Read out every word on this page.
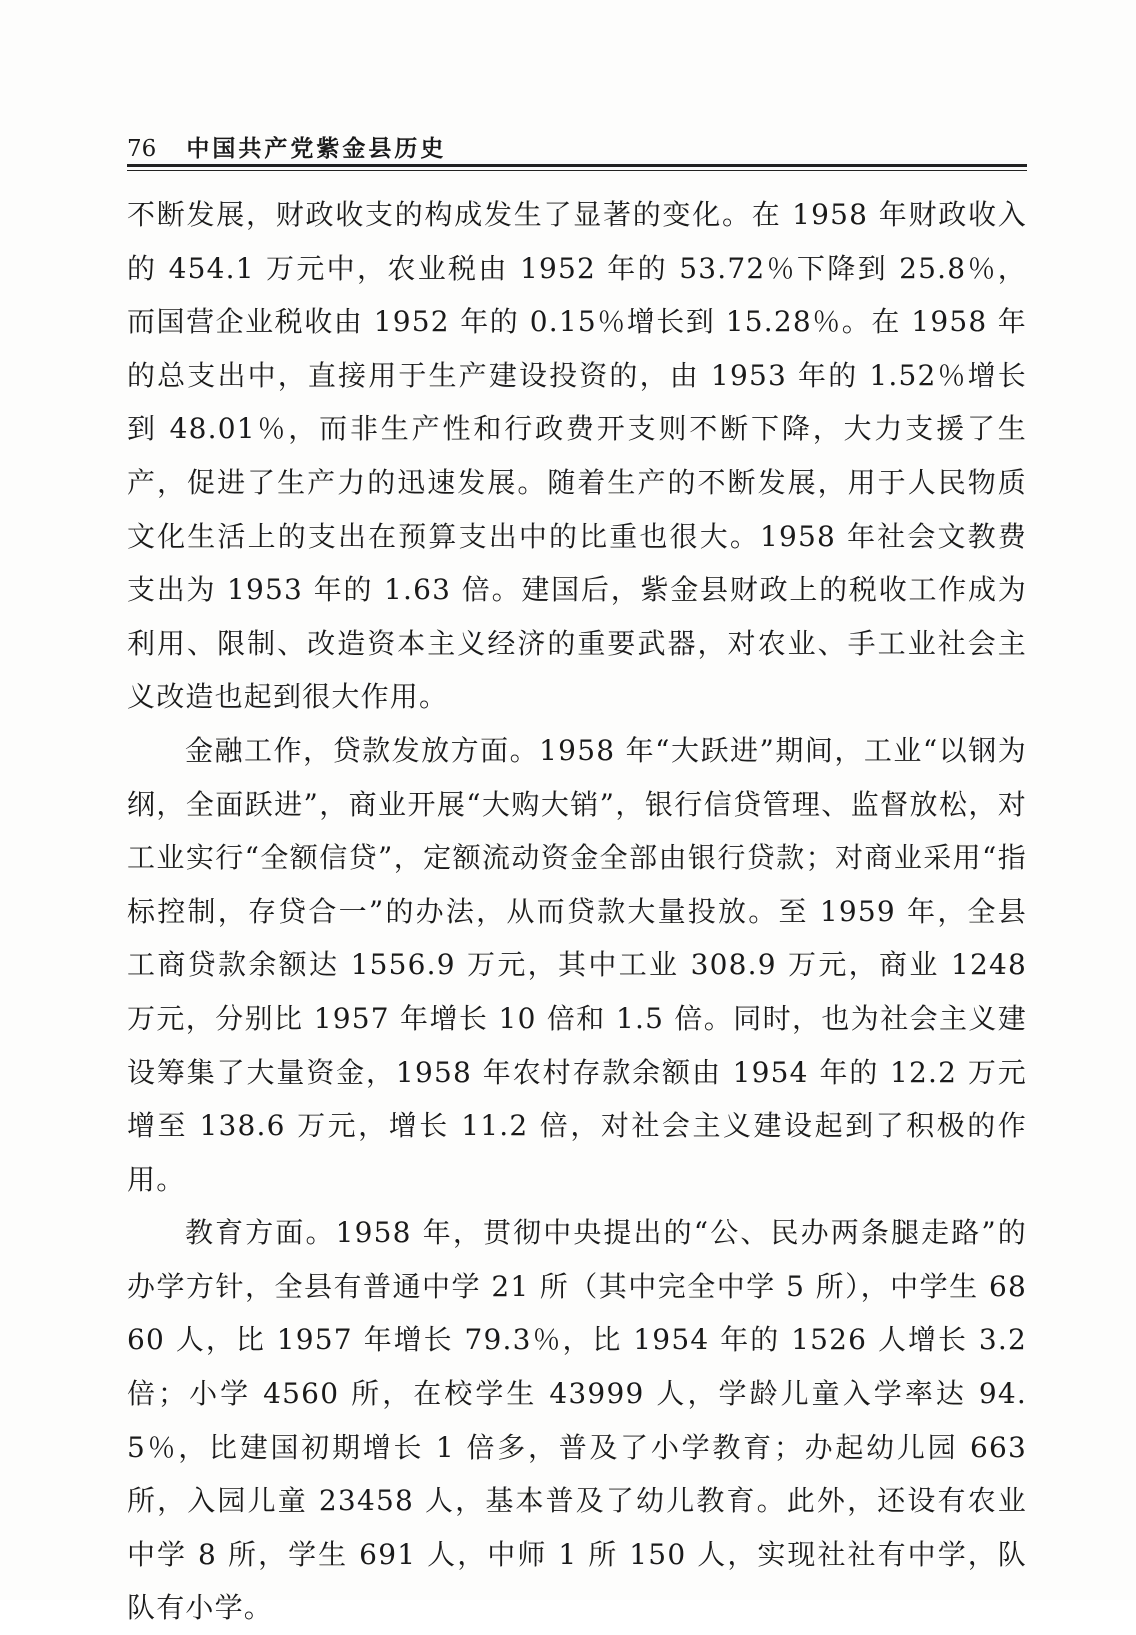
76 中国共产党紫金县历史

不断发展，财政收支的构成发生了显著的变化。在 1958 年财政收入的 454.1 万元中，农业税由 1952 年的 53.72％下降到 25.8％，而国营企业税收由 1952 年的 0.15％增长到 15.28％。在 1958 年的总支出中，直接用于生产建设投资的，由 1953 年的 1.52％增长到 48.01％，而非生产性和行政费开支则不断下降，大力支援了生产，促进了生产力的迅速发展。随着生产的不断发展，用于人民物质文化生活上的支出在预算支出中的比重也很大。1958 年社会文教费支出为 1953 年的 1.63 倍。建国后，紫金县财政上的税收工作成为利用、限制、改造资本主义经济的重要武器，对农业、手工业社会主义改造也起到很大作用。

金融工作，贷款发放方面。1958 年“大跃进”期间，工业“以钢为纲，全面跃进”，商业开展“大购大销”，银行信贷管理、监督放松，对工业实行“全额信贷”，定额流动资金全部由银行贷款；对商业采用“指标控制，存贷合一”的办法，从而贷款大量投放。至 1959 年，全县工商贷款余额达 1556.9 万元，其中工业 308.9 万元，商业 1248 万元，分别比 1957 年增长 10 倍和 1.5 倍。同时，也为社会主义建设筹集了大量资金，1958 年农村存款余额由 1954 年的 12.2 万元增至 138.6 万元，增长 11.2 倍，对社会主义建设起到了积极的作用。

教育方面。1958 年，贯彻中央提出的“公、民办两条腿走路”的办学方针，全县有普通中学 21 所（其中完全中学 5 所），中学生 6860 人，比 1957 年增长 79.3％，比 1954 年的 1526 人增长 3.2 倍；小学 4560 所，在校学生 43999 人，学龄儿童入学率达 94.5％，比建国初期增长 1 倍多，普及了小学教育；办起幼儿园 663 所，入园儿童 23458 人，基本普及了幼儿教育。此外，还设有农业中学 8 所，学生 691 人，中师 1 所 150 人，实现社社有中学，队队有小学。
